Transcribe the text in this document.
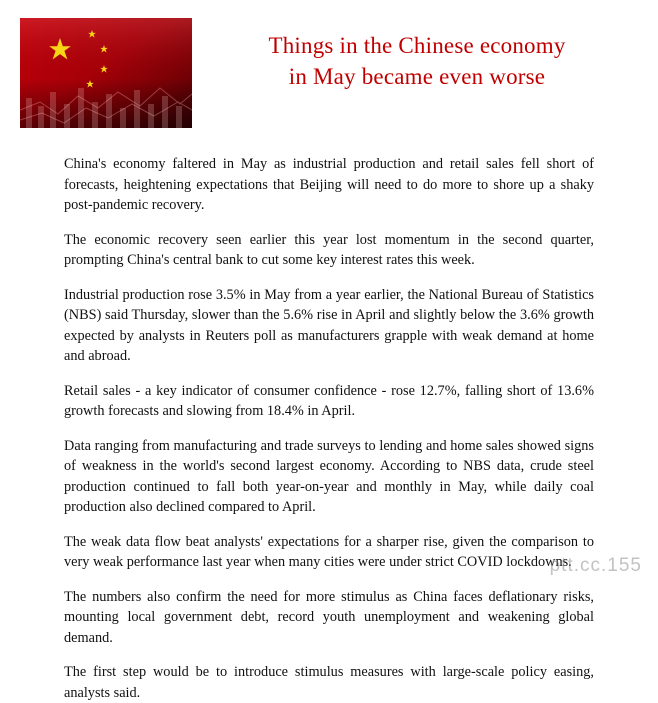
Things in the Chinese economy
in May became even worse

China's economy faltered in May as industrial production and retail sales fell short of forecasts, heightening expectations that Beijing will need to do more to shore up a shaky post-pandemic recovery.

The economic recovery seen earlier this year lost momentum in the second quarter, prompting China's central bank to cut some key interest rates this week.

Industrial production rose 3.5% in May from a year earlier, the National Bureau of Statistics (NBS) said Thursday, slower than the 5.6% rise in April and slightly below the 3.6% growth expected by analysts in Reuters poll as manufacturers grapple with weak demand at home and abroad.

Retail sales - a key indicator of consumer confidence - rose 12.7%, falling short of 13.6% growth forecasts and slowing from 18.4% in April.

Data ranging from manufacturing and trade surveys to lending and home sales showed signs of weakness in the world's second largest economy. According to NBS data, crude steel production continued to fall both year-on-year and monthly in May, while daily coal production also declined compared to April.

The weak data flow beat analysts' expectations for a sharper rise, given the comparison to very weak performance last year when many cities were under strict COVID lockdowns.

The numbers also confirm the need for more stimulus as China faces deflationary risks, mounting local government debt, record youth unemployment and weakening global demand.

The first step would be to introduce stimulus measures with large-scale policy easing, analysts said.

ptt.cc.155
